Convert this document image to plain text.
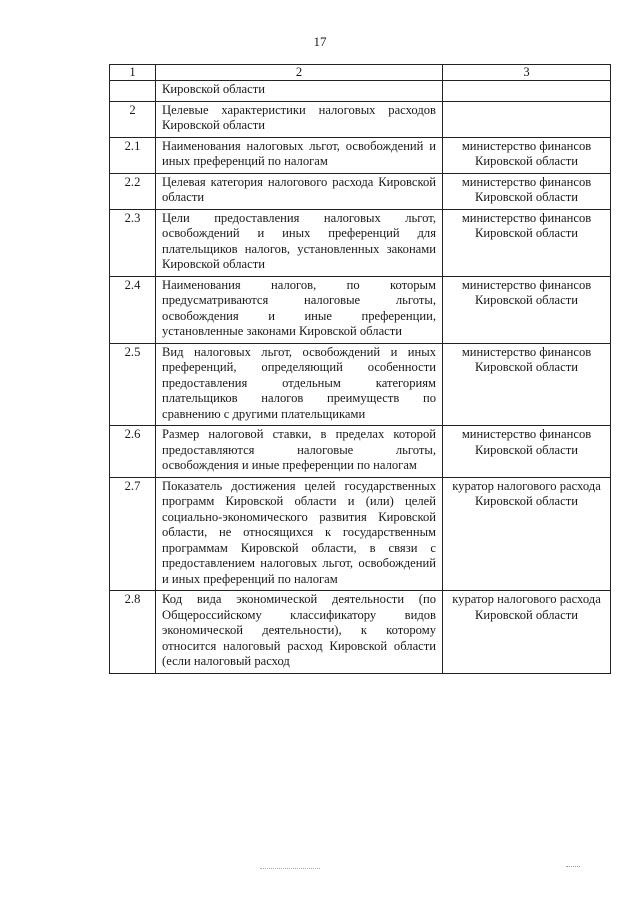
17
1	2	3
	Кировской области	
2	Целевые характеристики налоговых расходов Кировской области	
2.1	Наименования налоговых льгот, освобождений и иных преференций по налогам	министерство финансов Кировской области
2.2	Целевая категория налогового расхода Кировской области	министерство финансов Кировской области
2.3	Цели предоставления налоговых льгот, освобождений и иных преференций для плательщиков налогов, установленных законами Кировской области	министерство финансов Кировской области
2.4	Наименования налогов, по которым предусматриваются налоговые льготы, освобождения и иные преференции, установленные законами Кировской области	министерство финансов Кировской области
2.5	Вид налоговых льгот, освобождений и иных преференций, определяющий особенности предоставления отдельным категориям плательщиков налогов преимуществ по сравнению с другими плательщиками	министерство финансов Кировской области
2.6	Размер налоговой ставки, в пределах которой предоставляются налоговые льготы, освобождения и иные преференции по налогам	министерство финансов Кировской области
2.7	Показатель достижения целей государственных программ Кировской области и (или) целей социально-экономического развития Кировской области, не относящихся к государственным программам Кировской области, в связи с предоставлением налоговых льгот, освобождений и иных преференций по налогам	куратор налогового расхода Кировской области
2.8	Код вида экономической деятельности (по Общероссийскому классификатору видов экономической деятельности), к которому относится налоговый расход Кировской области (если налоговый расход	куратор налогового расхода Кировской области
